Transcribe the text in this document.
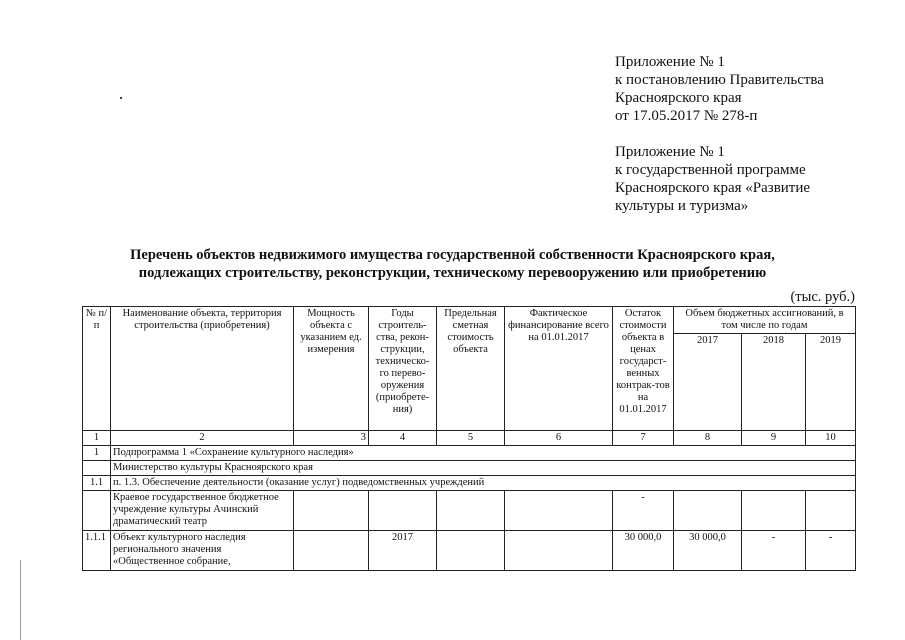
Приложение № 1
к постановлению Правительства
Красноярского края
от 17.05.2017 № 278-п
Приложение № 1
к государственной программе
Красноярского края «Развитие
культуры и туризма»
Перечень объектов недвижимого имущества государственной собственности Красноярского края,
подлежащих строительству, реконструкции, техническому перевооружению или приобретению
(тыс. руб.)
№ п/п	Наименование объекта, территория строительства (приобретения)	Мощность объекта с указанием ед. измерения	Годы строитель-ства, рекон-струкции, техническо-го перево-оружения (приобрете-ния)	Предельная сметная стоимость объекта	Фактическое финансирование всего на 01.01.2017	Остаток стоимости объекта в ценах государст-венных контрак-тов на 01.01.2017	Объем бюджетных ассигнований, в том числе по годам		
							2017	2018	2019
1	2	3	4	5	6	7	8	9	10
1	Подпрограмма 1 «Сохранение культурного наследия»								
	Министерство культуры Красноярского края								
1.1	п. 1.3. Обеспечение деятельности (оказание услуг) подведомственных учреждений								
	Краевое государственное бюджетное учреждение культуры Ачинский драматический театр					-			
1.1.1	Объект культурного наследия регионального значения «Общественное собрание,		2017			30 000,0	30 000,0	-	-
